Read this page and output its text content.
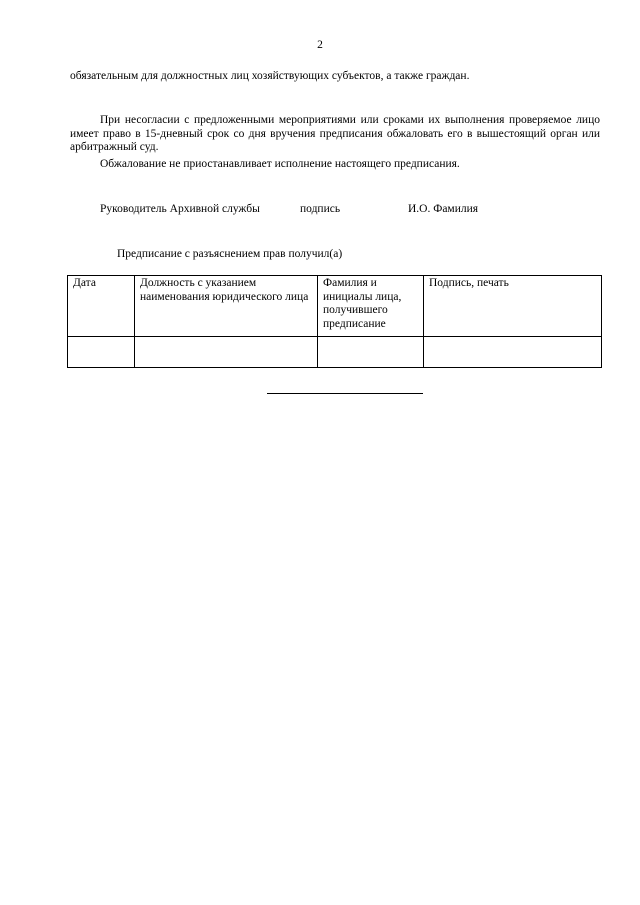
2
обязательным для должностных лиц хозяйствующих субъектов, а также граждан.
При несогласии с предложенными мероприятиями или сроками их выполнения проверяемое лицо имеет право в 15-дневный срок со дня вручения предписания обжаловать его в вышестоящий орган или арбитражный суд.
Обжалование не приостанавливает исполнение настоящего предписания.
Руководитель Архивной службы	подпись	И.О. Фамилия
Предписание с разъяснением прав получил(а)
Дата	Должность с указанием наименования юридического лица	Фамилия и инициалы лица, получившего предписание	Подпись, печать
